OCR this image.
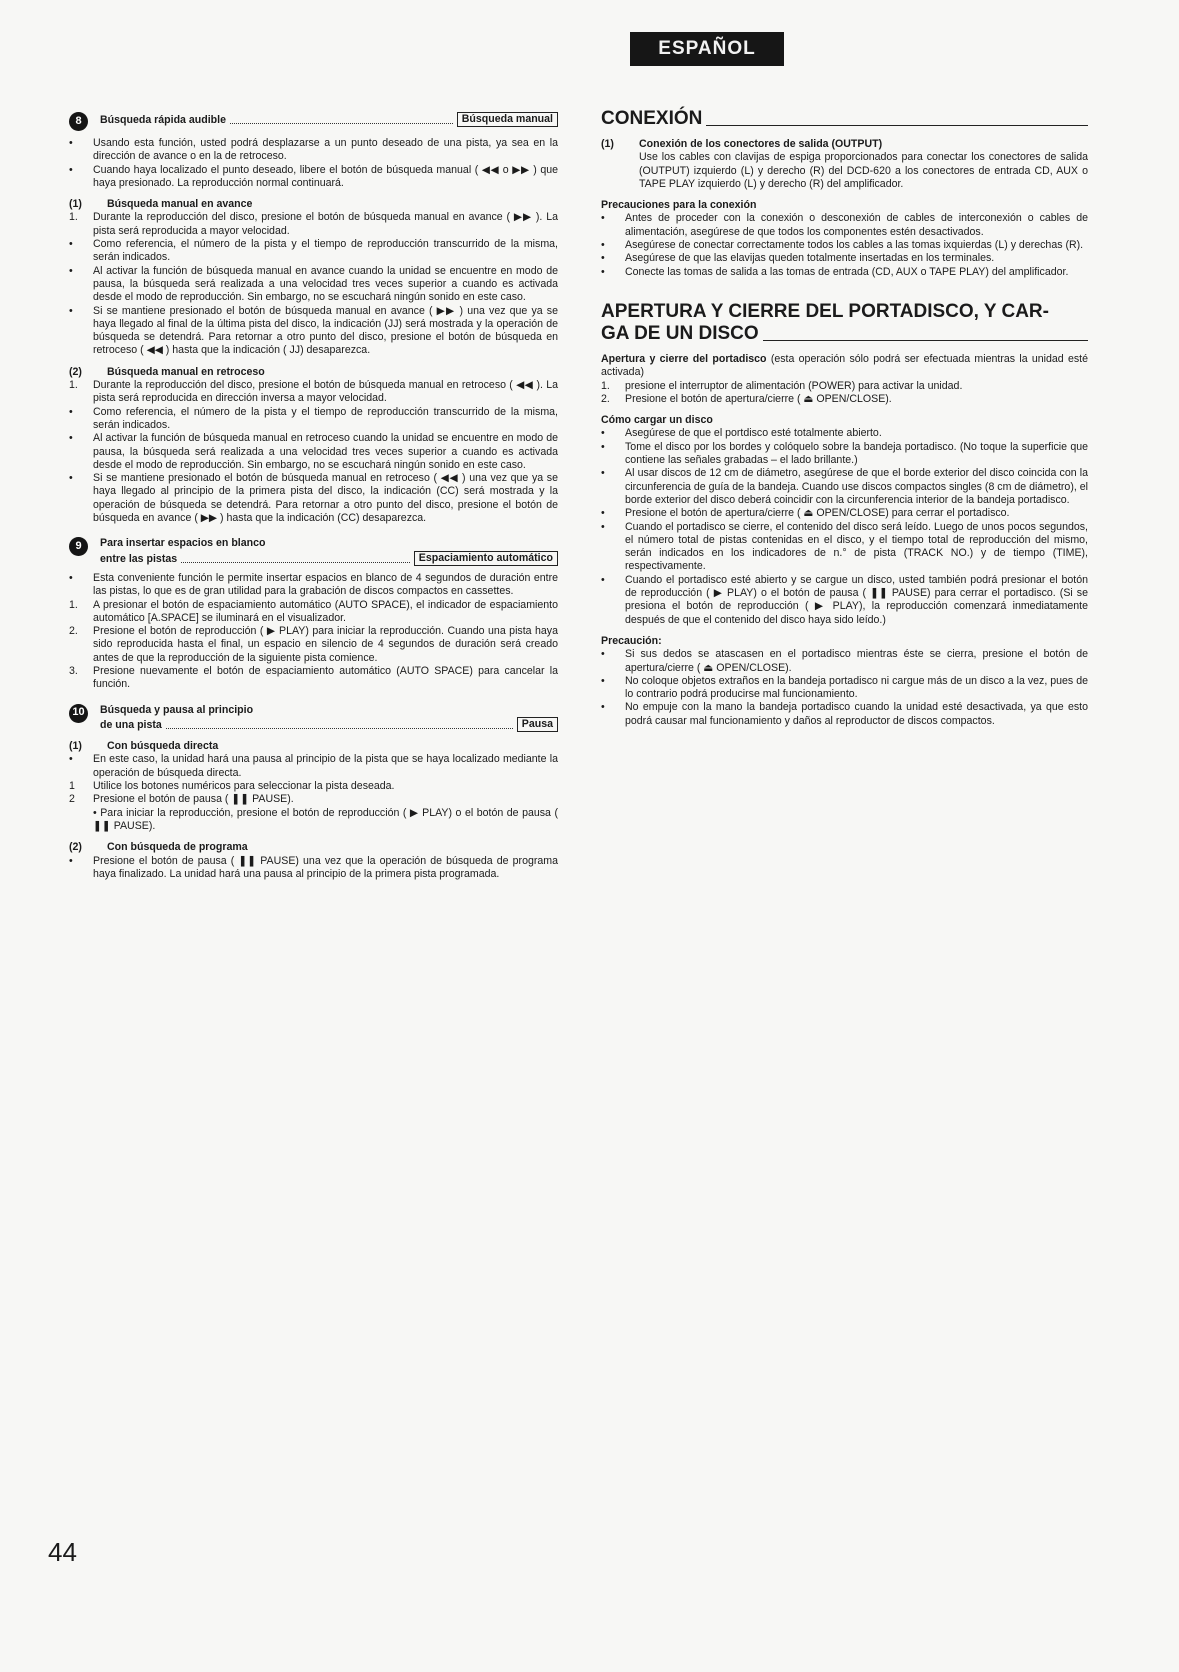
ESPAÑOL
8	Búsqueda rápida audible	Búsqueda manual
•	Usando esta función, usted podrá desplazarse a un punto deseado de una pista, ya sea en la dirección de avance o en la de retroceso.
•	Cuando haya localizado el punto deseado, libere el botón de búsqueda manual ( ◀◀ o ▶▶ ) que haya presionado. La reproducción normal continuará.
(1)	Búsqueda manual en avance
1.	Durante la reproducción del disco, presione el botón de búsqueda manual en avance ( ▶▶ ). La pista será reproducida a mayor velocidad.
•	Como referencia, el número de la pista y el tiempo de reproducción transcurrido de la misma, serán indicados.
•	Al activar la función de búsqueda manual en avance cuando la unidad se encuentre en modo de pausa, la búsqueda será realizada a una velocidad tres veces superior a cuando es activada desde el modo de reproducción. Sin embargo, no se escuchará ningún sonido en este caso.
•	Si se mantiene presionado el botón de búsqueda manual en avance ( ▶▶ ) una vez que ya se haya llegado al final de la última pista del disco, la indicación (JJ) será mostrada y la operación de búsqueda se detendrá. Para retornar a otro punto del disco, presione el botón de búsqueda en retroceso ( ◀◀ ) hasta que la indicación ( JJ) desaparezca.
(2)	Búsqueda manual en retroceso
1.	Durante la reproducción del disco, presione el botón de búsqueda manual en retroceso ( ◀◀ ). La pista será reproducida en dirección inversa a mayor velocidad.
•	Como referencia, el número de la pista y el tiempo de reproducción transcurrido de la misma, serán indicados.
•	Al activar la función de búsqueda manual en retroceso cuando la unidad se encuentre en modo de pausa, la búsqueda será realizada a una velocidad tres veces superior a cuando es activada desde el modo de reproducción. Sin embargo, no se escuchará ningún sonido en este caso.
•	Si se mantiene presionado el botón de búsqueda manual en retroceso ( ◀◀ ) una vez que ya se haya llegado al principio de la primera pista del disco, la indicación (CC) será mostrada y la operación de búsqueda se detendrá. Para retornar a otro punto del disco, presione el botón de búsqueda en avance ( ▶▶ ) hasta que la indicación (CC) desaparezca.
9	Para insertar espacios en blanco
entre las pistas	Espaciamiento automático
•	Esta conveniente función le permite insertar espacios en blanco de 4 segundos de duración entre las pistas, lo que es de gran utilidad para la grabación de discos compactos en cassettes.
1.	A presionar el botón de espaciamiento automático (AUTO SPACE), el indicador de espaciamiento automático [A.SPACE] se iluminará en el visualizador.
2.	Presione el botón de reproducción ( ▶ PLAY) para iniciar la reproducción. Cuando una pista haya sido reproducida hasta el final, un espacio en silencio de 4 segundos de duración será creado antes de que la reproducción de la siguiente pista comience.
3.	Presione nuevamente el botón de espaciamiento automático (AUTO SPACE) para cancelar la función.
10	Búsqueda y pausa al principio
de una pista	Pausa
(1)	Con búsqueda directa
•	En este caso, la unidad hará una pausa al principio de la pista que se haya localizado mediante la operación de búsqueda directa.
1	Utilice los botones numéricos para seleccionar la pista deseada.
2	Presione el botón de pausa ( ❚❚ PAUSE).
• Para iniciar la reproducción, presione el botón de reproducción ( ▶ PLAY) o el botón de pausa ( ❚❚ PAUSE).
(2)	Con búsqueda de programa
•	Presione el botón de pausa ( ❚❚ PAUSE) una vez que la operación de búsqueda de programa haya finalizado. La unidad hará una pausa al principio de la primera pista programada.
CONEXIÓN
(1)	Conexión de los conectores de salida (OUTPUT)
Use los cables con clavijas de espiga proporcionados para conectar los conectores de salida (OUTPUT) izquierdo (L) y derecho (R) del DCD-620 a los conectores de entrada CD, AUX o TAPE PLAY izquierdo (L) y derecho (R) del amplificador.
Precauciones para la conexión
•	Antes de proceder con la conexión o desconexión de cables de interconexión o cables de alimentación, asegúrese de que todos los componentes estén desactivados.
•	Asegúrese de conectar correctamente todos los cables a las tomas ixquierdas (L) y derechas (R).
•	Asegúrese de que las elavijas queden totalmente insertadas en los terminales.
•	Conecte las tomas de salida a las tomas de entrada (CD, AUX o TAPE PLAY) del amplificador.
APERTURA Y CIERRE DEL PORTADISCO, Y CAR-
GA DE UN DISCO
Apertura y cierre del portadisco (esta operación sólo podrá ser efectuada mientras la unidad esté activada)
1.	presione el interruptor de alimentación (POWER) para activar la unidad.
2.	Presione el botón de apertura/cierre ( ⏏ OPEN/CLOSE).
Cómo cargar un disco
•	Asegúrese de que el portdisco esté totalmente abierto.
•	Tome el disco por los bordes y colóquelo sobre la bandeja portadisco. (No toque la superficie que contiene las señales grabadas – el lado brillante.)
•	Al usar discos de 12 cm de diámetro, asegúrese de que el borde exterior del disco coincida con la circunferencia de guía de la bandeja. Cuando use discos compactos singles (8 cm de diámetro), el borde exterior del disco deberá coincidir con la circunferencia interior de la bandeja portadisco.
•	Presione el botón de apertura/cierre ( ⏏ OPEN/CLOSE) para cerrar el portadisco.
•	Cuando el portadisco se cierre, el contenido del disco será leído. Luego de unos pocos segundos, el número total de pistas contenidas en el disco, y el tiempo total de reproducción del mismo, serán indicados en los indicadores de n.° de pista (TRACK NO.) y de tiempo (TIME), respectivamente.
•	Cuando el portadisco esté abierto y se cargue un disco, usted también podrá presionar el botón de reproducción ( ▶ PLAY) o el botón de pausa ( ❚❚ PAUSE) para cerrar el portadisco. (Si se presiona el botón de reproducción ( ▶ PLAY), la reproducción comenzará inmediatamente después de que el contenido del disco haya sido leído.)
Precaución:
•	Si sus dedos se atascasen en el portadisco mientras éste se cierra, presione el botón de apertura/cierre ( ⏏ OPEN/CLOSE).
•	No coloque objetos extraños en la bandeja portadisco ni cargue más de un disco a la vez, pues de lo contrario podrá producirse mal funcionamiento.
•	No empuje con la mano la bandeja portadisco cuando la unidad esté desactivada, ya que esto podrá causar mal funcionamiento y daños al reproductor de discos compactos.
44
